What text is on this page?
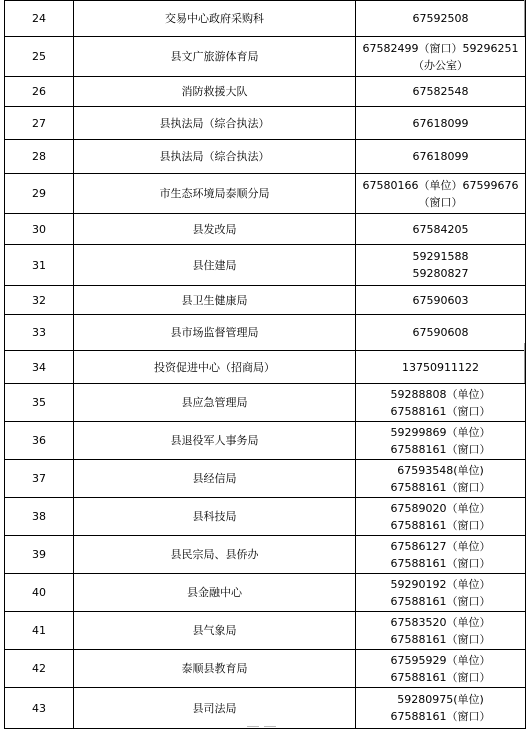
24	交易中心政府采购科	67592508

25	县文广旅游体育局	67582499（窗口）59296251
（办公室）

26	消防救援大队	67582548

27	县执法局（综合执法）	67618099

28	县执法局（综合执法）	67618099

29	市生态环境局泰顺分局	67580166（单位）67599676
（窗口）

30	县发改局	67584205

31	县住建局	59291588
59280827

32	县卫生健康局	67590603

33	县市场监督管理局	67590608

34	投资促进中心（招商局）	13750911122

35	县应急管理局	59288808（单位）
67588161（窗口）

36	县退役军人事务局	59299869（单位）
67588161（窗口）

37	县经信局	67593548(单位)
67588161（窗口）

38	县科技局	67589020（单位）
67588161（窗口）

39	县民宗局、县侨办	67586127（单位）
67588161（窗口）

40	县金融中心	59290192（单位）
67588161（窗口）

41	县气象局	67583520（单位）
67588161（窗口）

42	泰顺县教育局	67595929（单位）
67588161（窗口）

43	县司法局	59280975(单位)
67588161（窗口）
